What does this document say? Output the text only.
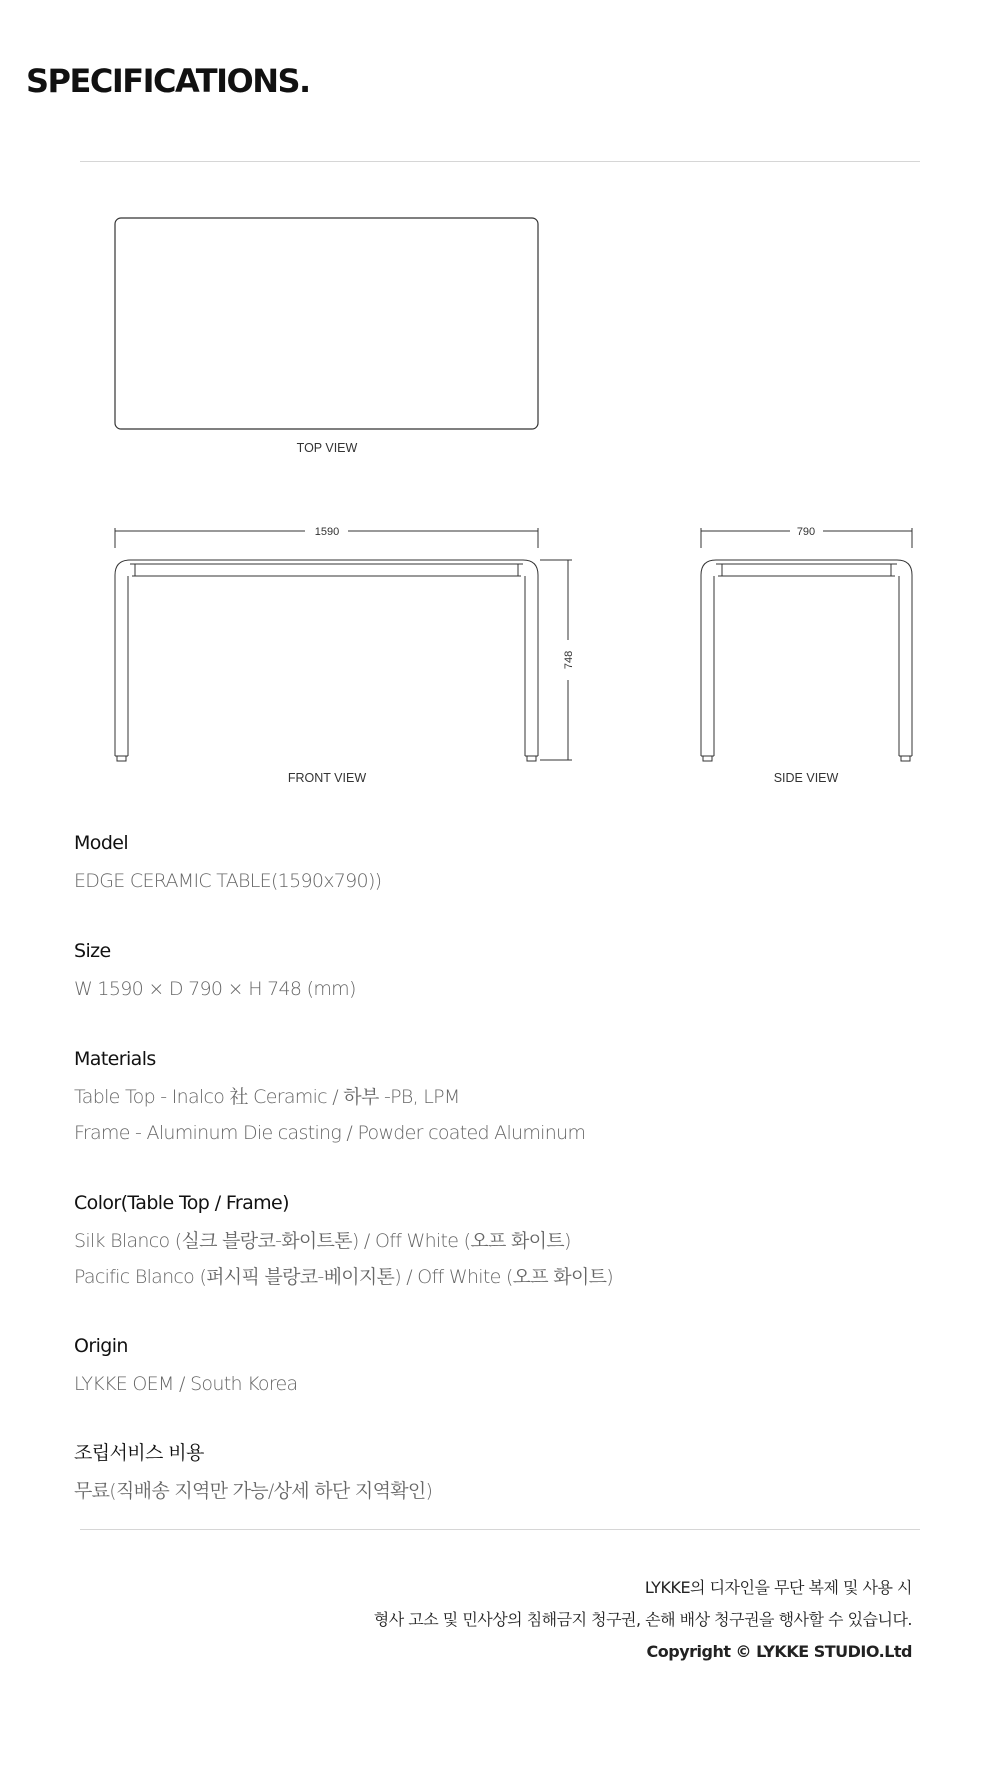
SPECIFICATIONS.
TOP VIEW
1590
748
FRONT VIEW
790
SIDE VIEW
Model
EDGE CERAMIC TABLE(1590x790))
Size
W 1590 × D 790 × H 748 (mm)
Materials
Table Top - Inalco 社 Ceramic / 하부 -PB, LPM
Frame - Aluminum Die casting / Powder coated Aluminum
Color(Table Top / Frame)
Silk Blanco (실크 블랑코-화이트톤) / Off White (오프 화이트)
Pacific Blanco (퍼시픽 블랑코-베이지톤) / Off White (오프 화이트)
Origin
LYKKE OEM / South Korea
조립서비스 비용
무료(직배송 지역만 가능/상세 하단 지역확인)
LYKKE의 디자인을 무단 복제 및 사용 시
형사 고소 및 민사상의 침해금지 청구권, 손해 배상 청구권을 행사할 수 있습니다.
Copyright © LYKKE STUDIO.Ltd
